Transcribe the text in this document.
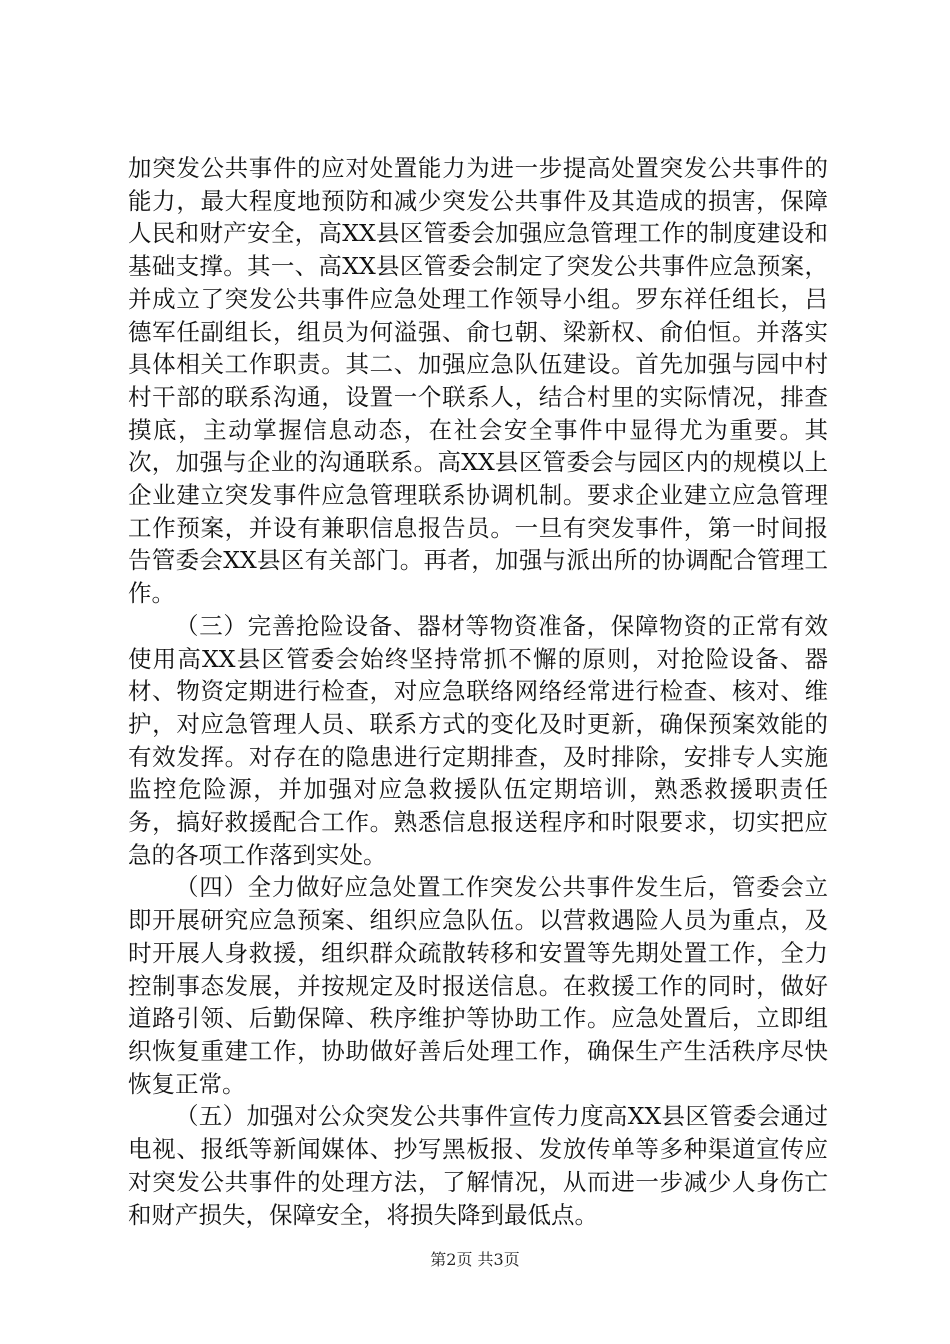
加突发公共事件的应对处置能力为进一步提高处置突发公共事件的能力，最大程度地预防和减少突发公共事件及其造成的损害，保障人民和财产安全，高XX县区管委会加强应急管理工作的制度建设和基础支撑。其一、高XX县区管委会制定了突发公共事件应急预案，并成立了突发公共事件应急处理工作领导小组。罗东祥任组长，吕德军任副组长，组员为何溢强、俞乜朝、梁新权、俞伯恒。并落实具体相关工作职责。其二、加强应急队伍建设。首先加强与园中村村干部的联系沟通，设置一个联系人，结合村里的实际情况，排查摸底，主动掌握信息动态，在社会安全事件中显得尤为重要。其次，加强与企业的沟通联系。高XX县区管委会与园区内的规模以上企业建立突发事件应急管理联系协调机制。要求企业建立应急管理工作预案，并设有兼职信息报告员。一旦有突发事件，第一时间报告管委会XX县区有关部门。再者，加强与派出所的协调配合管理工作。

（三）完善抢险设备、器材等物资准备，保障物资的正常有效使用高XX县区管委会始终坚持常抓不懈的原则，对抢险设备、器材、物资定期进行检查，对应急联络网络经常进行检查、核对、维护，对应急管理人员、联系方式的变化及时更新，确保预案效能的有效发挥。对存在的隐患进行定期排查，及时排除，安排专人实施监控危险源，并加强对应急救援队伍定期培训，熟悉救援职责任务，搞好救援配合工作。熟悉信息报送程序和时限要求，切实把应急的各项工作落到实处。

（四）全力做好应急处置工作突发公共事件发生后，管委会立即开展研究应急预案、组织应急队伍。以营救遇险人员为重点，及时开展人身救援，组织群众疏散转移和安置等先期处置工作，全力控制事态发展，并按规定及时报送信息。在救援工作的同时，做好道路引领、后勤保障、秩序维护等协助工作。应急处置后，立即组织恢复重建工作，协助做好善后处理工作，确保生产生活秩序尽快恢复正常。

（五）加强对公众突发公共事件宣传力度高XX县区管委会通过电视、报纸等新闻媒体、抄写黑板报、发放传单等多种渠道宣传应对突发公共事件的处理方法，了解情况，从而进一步减少人身伤亡和财产损失，保障安全，将损失降到最低点。

第2页 共3页
